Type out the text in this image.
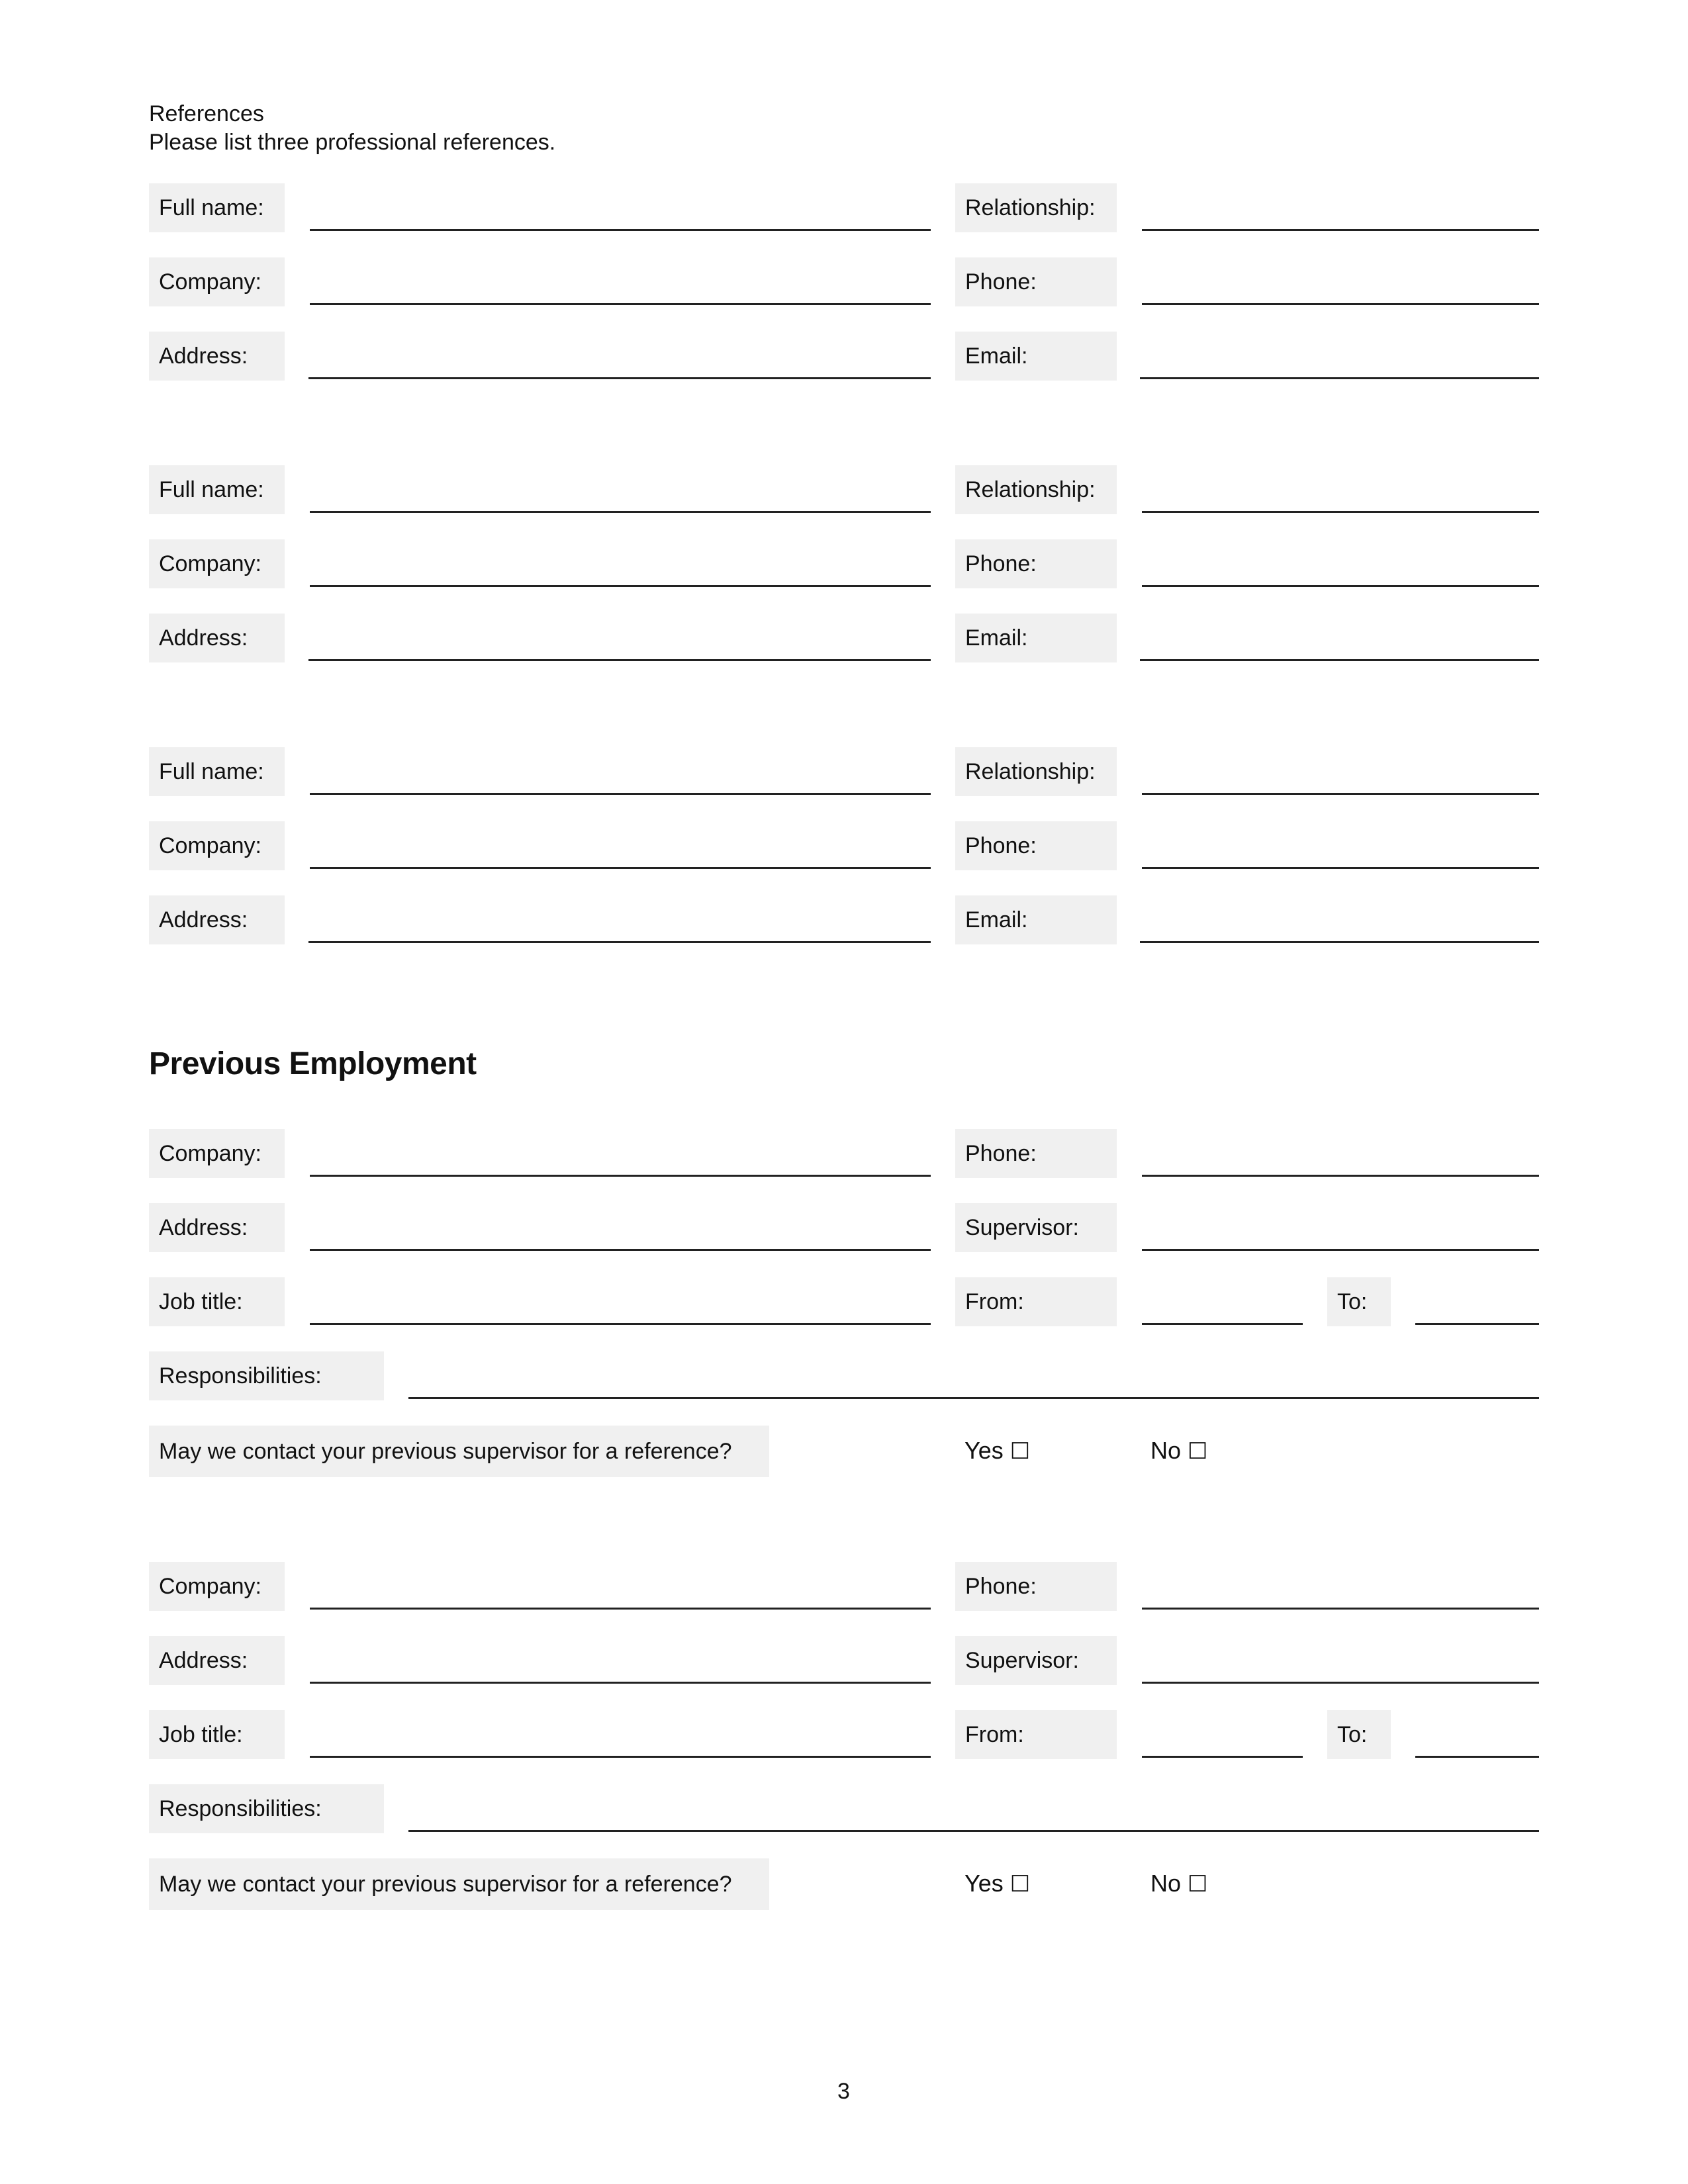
References
Please list three professional references.
Full name:	Relationship:
Company:	Phone:
Address:	Email:
Full name:	Relationship:
Company:	Phone:
Address:	Email:
Full name:	Relationship:
Company:	Phone:
Address:	Email:
Previous Employment
Company:	Phone:
Address:	Supervisor:
Job title:	From:	To:
Responsibilities:
May we contact your previous supervisor for a reference?	Yes ☐	No ☐
Company:	Phone:
Address:	Supervisor:
Job title:	From:	To:
Responsibilities:
May we contact your previous supervisor for a reference?	Yes ☐	No ☐
3
